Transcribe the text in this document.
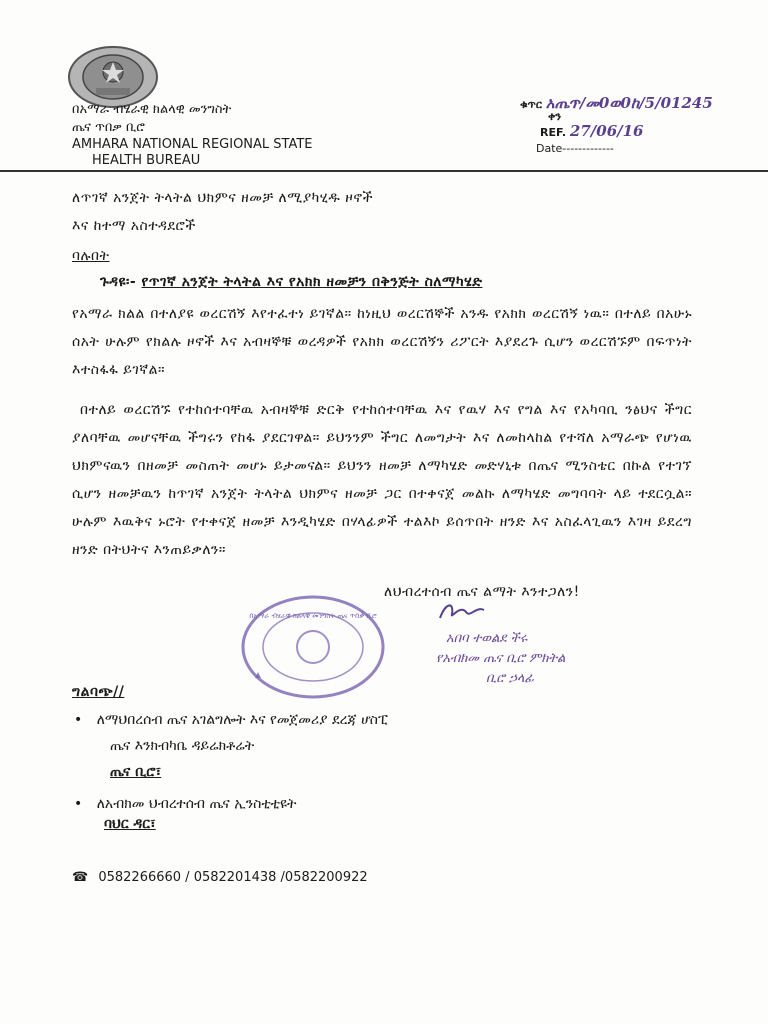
በአማራ ብሄራዊ ክልላዊ መንግስት
ጤና ጥበቃ ቢሮ
AMHARA NATIONAL REGIONAL STATE
HEALTH BUREAU
ቁጥር አጤጥ/መ0ወ0ከ/5/01245
ቀን
REF. 27/06/16
Date-------------
ለጥገኛ አንጀት ትላትል ህክምና ዘመቻ ለሚያካሂዱ ዞኖች
እና ከተማ አስተዳደሮች
ባሉበት
ጉዳዩ፡- የጥገኛ አንጀት ትላትል እና የአክክ ዘመቻን በቅንጅት ስለማካሄድ
የአማራ ክልል በተለያዩ ወረርሽኝ እየተፈተነ ይገኛል። ከነዚህ ወረርሽኞች አንዱ የአክክ ወረርሽኝ ነዉ። በተለይ በአሁኑ ሰአት ሁሉም የክልሉ ዞኖች እና አብዛኞቹ ወረዳዎች የአክክ ወረርሽኝን ሪፖርት እያደረጉ ሲሆን ወረርሽኙም በፍጥነት እተስፋፋ ይገኛል።
በተለይ ወረርሽኙ የተከሰተባቸዉ አብዛኞቹ ድርቅ የተከሰተባቸዉ እና የዉሃ እና የግል እና የአካባቢ ንፅህና ችግር ያለባቸዉ መሆናቸዉ ችግሩን የከፋ ያደርገዋል። ይህንንም ችግር ለመግታት እና ለመከላከል የተሻለ አማራጭ የሆነዉ ህክምናዉን በዘመቻ መስጠት መሆኑ ይታመናል። ይህንን ዘመቻ ለማካሄድ መድሃኒቱ በጤና ሚንስቴር በኩል የተገኘ ሲሆን ዘመቻዉን ከጥገኛ አንጀት ትላትል ህክምና ዘመቻ ጋር በተቀናጀ መልኩ ለማካሄድ መግባባት ላይ ተደርሷል። ሁሉም እዉቅና ኑሮት የተቀናጀ ዘመቻ እንዲካሄድ በሃላፊዎች ተልእኮ ይሰጥበት ዘንድ እና አስፈላጊዉን እገዛ ይደረግ ዘንድ በትህትና እንጠይቃለን።
ለህብረተሰብ ጤና ልማት እንተጋለን!
በአማራ ብሄራዊ ክልላዊ መንግስት ጤና ጥበቃ ቢሮ
አበባ ተወልደ ችሩ
የአብክመ ጤና ቢሮ ምክትል
ቢሮ ኃላፊ
ግልባጭ//
• ለማህበረሰብ ጤና አገልግሎት እና የመጀመሪያ ደረጃ ሆስፒ
ጤና እንክብካቤ ዳይሬክቶሬት
ጤና ቢሮ፣
• ለአብክመ ህብረተሰብ ጤና ኢንስቲቲዩት
ባህር ዳር፣
☎ 0582266660 / 0582201438 /0582200922
